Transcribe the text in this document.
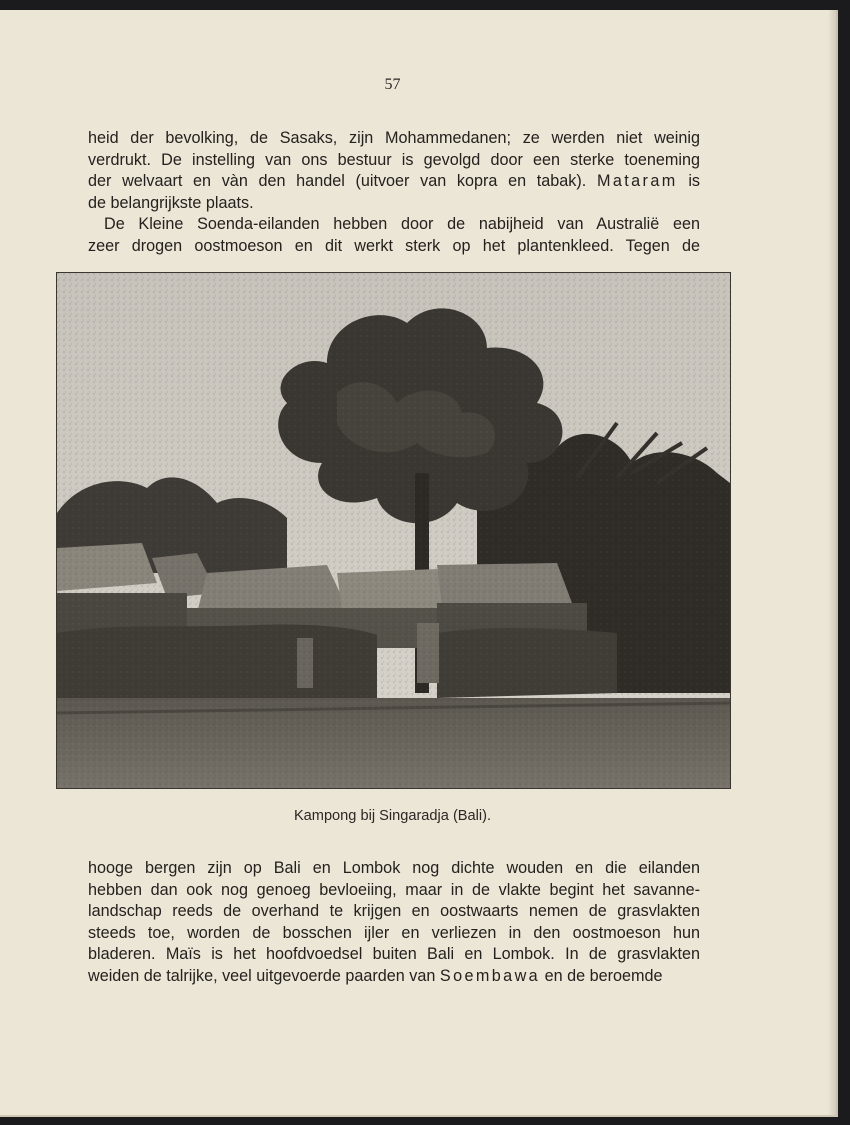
57
heid der bevolking, de Sasaks, zijn Mohammedanen; ze werden niet weinig
verdrukt. De instelling van ons bestuur is gevolgd door een sterke toeneming
der welvaart en vàn den handel (uitvoer van kopra en tabak). Mataram is
de belangrijkste plaats.
De Kleine Soenda-eilanden hebben door de nabijheid van Australië een
zeer drogen oostmoeson en dit werkt sterk op het plantenkleed. Tegen de
Kampong bij Singaradja (Bali).
hooge bergen zijn op Bali en Lombok nog dichte wouden en die eilanden
hebben dan ook nog genoeg bevloeiing, maar in de vlakte begint het savanne-
landschap reeds de overhand te krijgen en oostwaarts nemen de grasvlakten
steeds toe, worden de bosschen ijler en verliezen in den oostmoeson hun
bladeren. Maïs is het hoofdvoedsel buiten Bali en Lombok. In de grasvlakten
weiden de talrijke, veel uitgevoerde paarden van Soembawa en de beroemde
